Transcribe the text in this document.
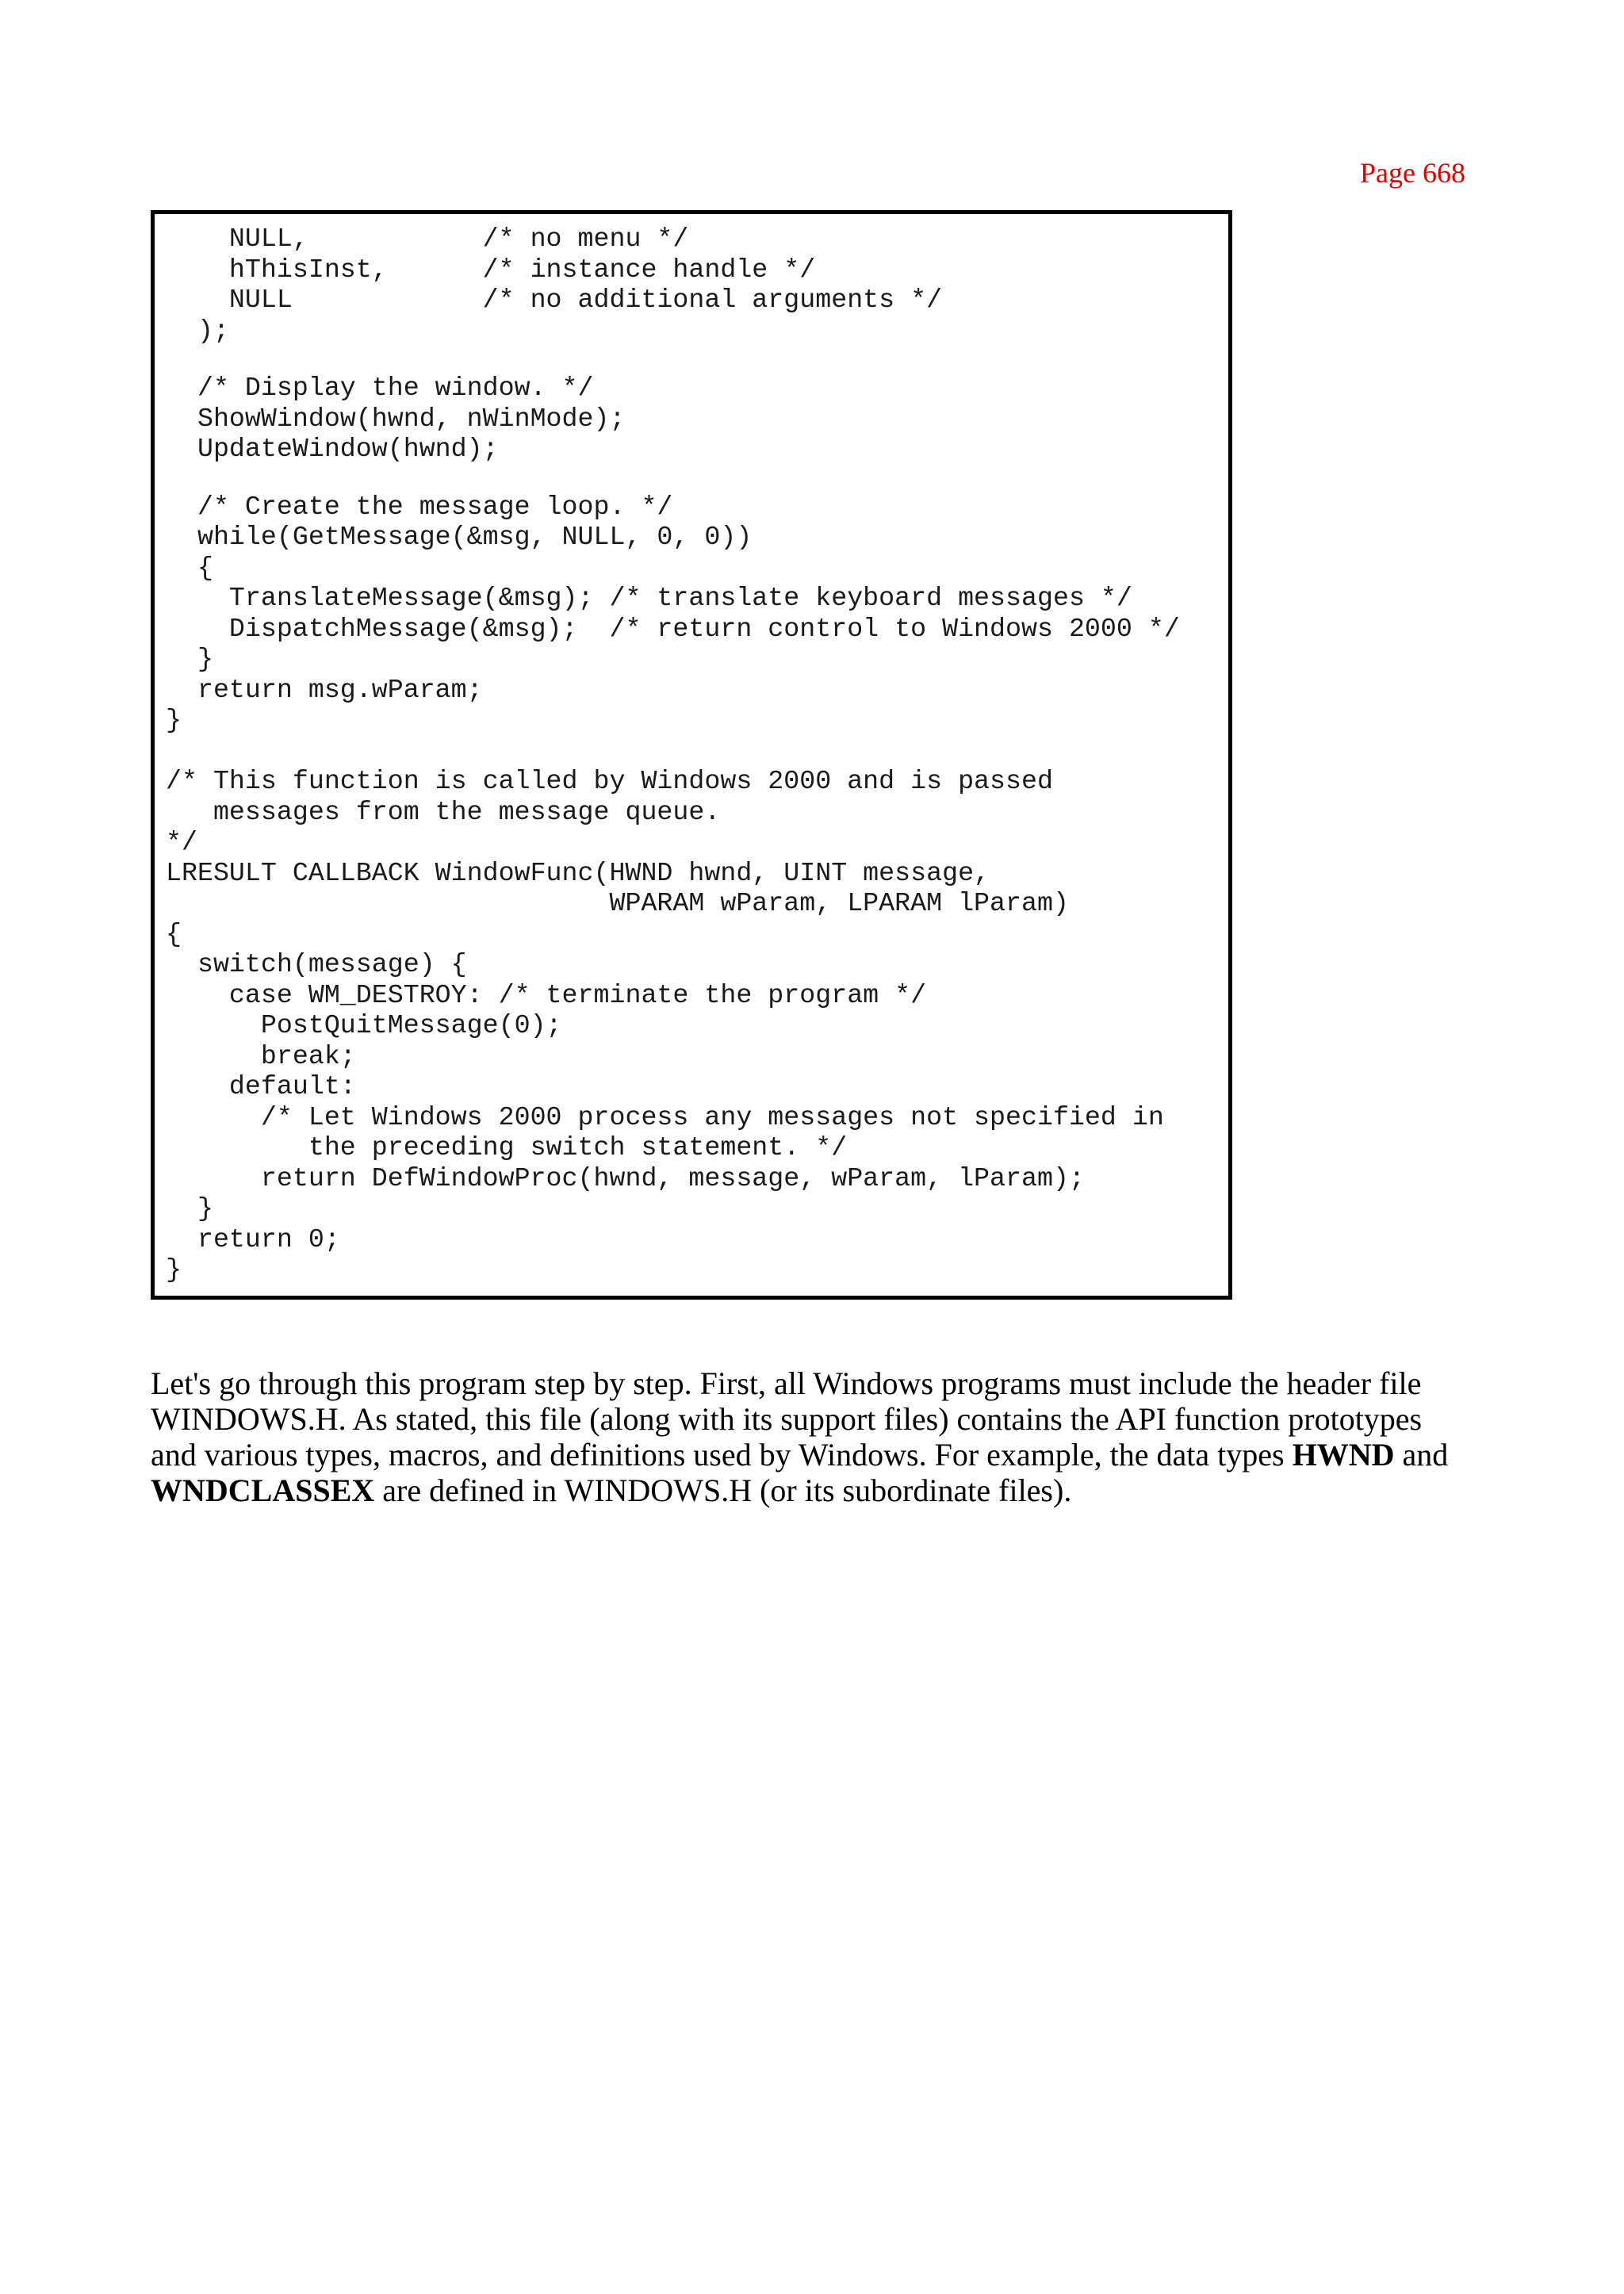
Page 668
NULL,           /* no menu */
hThisInst,      /* instance handle */
NULL            /* no additional arguments */
);
/* Display the window. */
ShowWindow(hwnd, nWinMode);
UpdateWindow(hwnd);
/* Create the message loop. */
while(GetMessage(&msg, NULL, 0, 0))
{
TranslateMessage(&msg); /* translate keyboard messages */
DispatchMessage(&msg);  /* return control to Windows 2000 */
}
return msg.wParam;
}
/* This function is called by Windows 2000 and is passed
messages from the message queue.
*/
LRESULT CALLBACK WindowFunc(HWND hwnd, UINT message,
WPARAM wParam, LPARAM lParam)
{
switch(message) {
case WM_DESTROY: /* terminate the program */
PostQuitMessage(0);
break;
default:
/* Let Windows 2000 process any messages not specified in
the preceding switch statement. */
return DefWindowProc(hwnd, message, wParam, lParam);
}
return 0;
}
Let's go through this program step by step. First, all Windows programs must include the header file WINDOWS.H. As stated, this file (along with its support files) contains the API function prototypes and various types, macros, and definitions used by Windows. For example, the data types HWND and WNDCLASSEX are defined in WINDOWS.H (or its subordinate files).
